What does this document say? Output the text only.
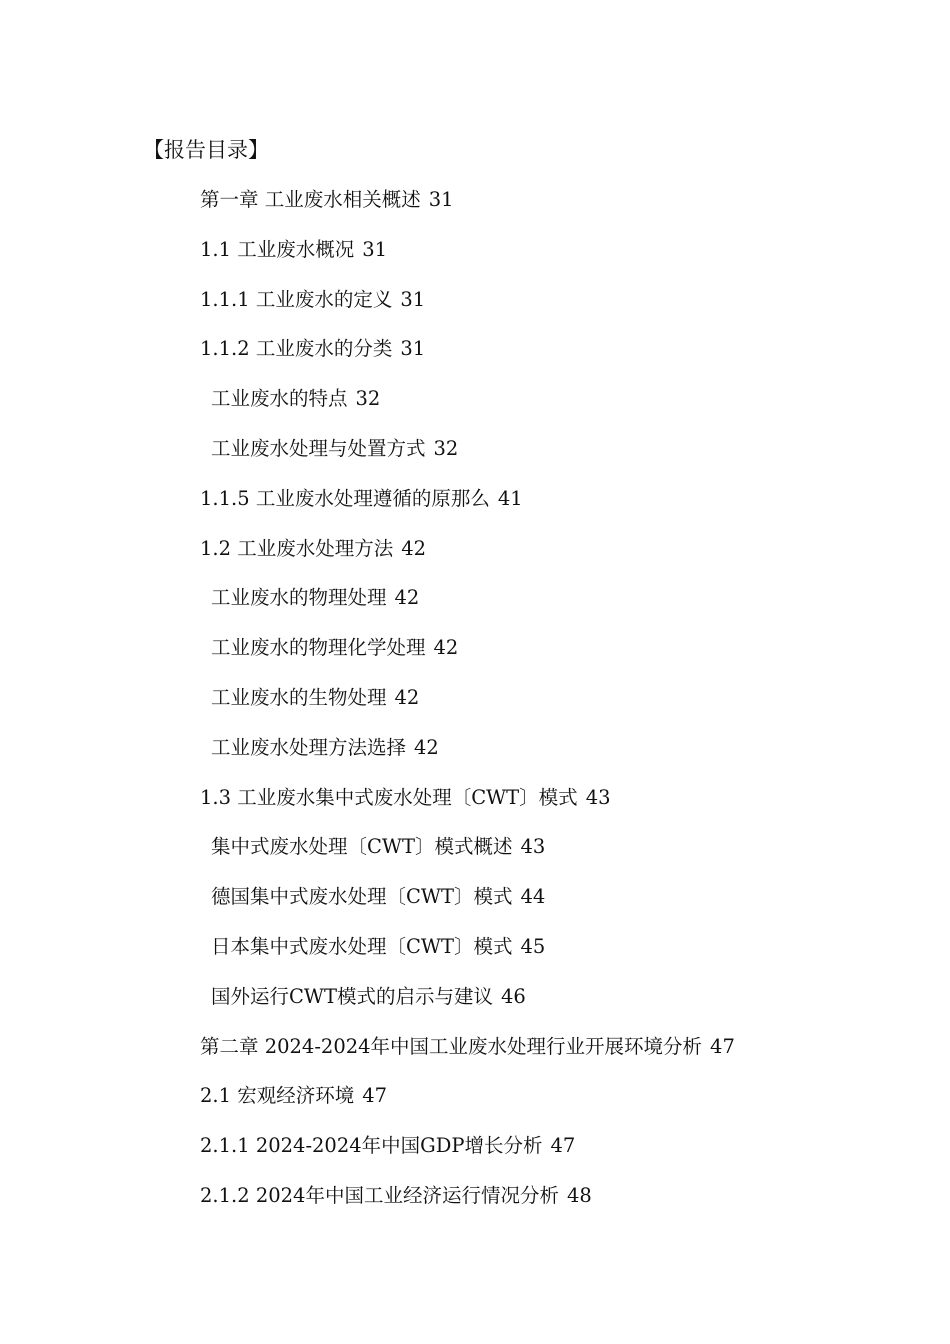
【报告目录】
第一章 工业废水相关概述 31
1.1 工业废水概况 31
1.1.1 工业废水的定义 31
1.1.2 工业废水的分类 31
工业废水的特点 32
工业废水处理与处置方式 32
1.1.5 工业废水处理遵循的原那么 41
1.2 工业废水处理方法 42
工业废水的物理处理 42
工业废水的物理化学处理 42
工业废水的生物处理 42
工业废水处理方法选择 42
1.3 工业废水集中式废水处理〔CWT〕模式 43
集中式废水处理〔CWT〕模式概述 43
德国集中式废水处理〔CWT〕模式 44
日本集中式废水处理〔CWT〕模式 45
国外运行CWT模式的启示与建议 46
第二章 2024-2024年中国工业废水处理行业开展环境分析 47
2.1 宏观经济环境 47
2.1.1 2024-2024年中国GDP增长分析 47
2.1.2 2024年中国工业经济运行情况分析 48
